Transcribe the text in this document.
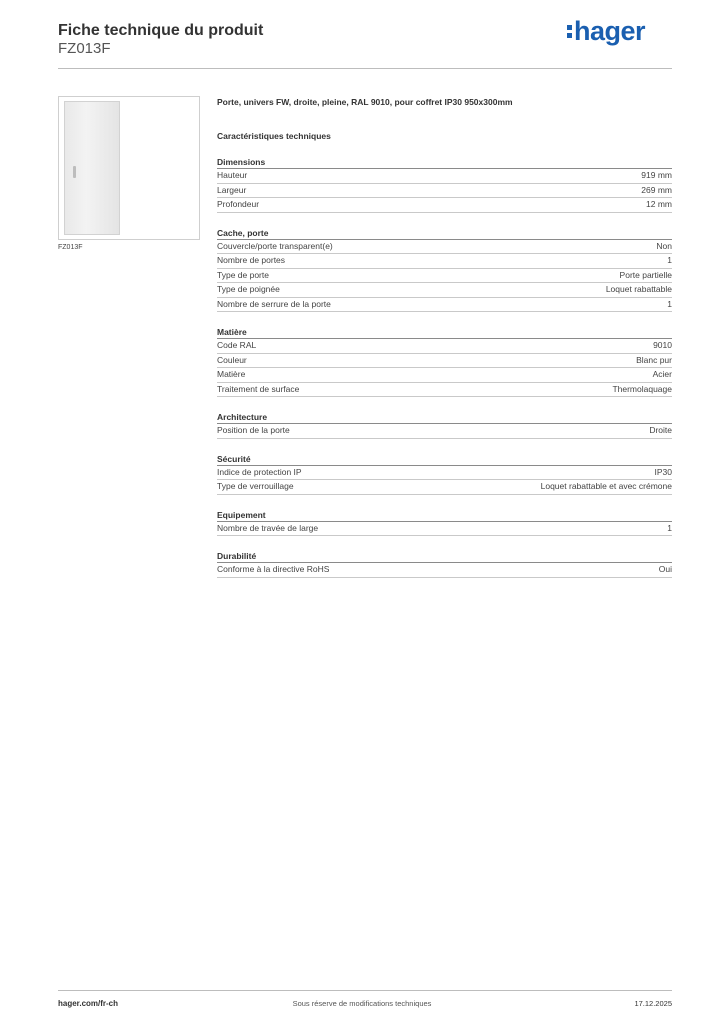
Fiche technique du produit
FZ013F
hager
FZ013F
Porte, univers FW, droite, pleine, RAL 9010, pour coffret IP30 950x300mm
Caractéristiques techniques
Dimensions
Hauteur	919 mm
Largeur	269 mm
Profondeur	12 mm
Cache, porte
Couvercle/porte transparent(e)	Non
Nombre de portes	1
Type de porte	Porte partielle
Type de poignée	Loquet rabattable
Nombre de serrure de la porte	1
Matière
Code RAL	9010
Couleur	Blanc pur
Matière	Acier
Traitement de surface	Thermolaquage
Architecture
Position de la porte	Droite
Sécurité
Indice de protection IP	IP30
Type de verrouillage	Loquet rabattable et avec crémone
Equipement
Nombre de travée de large	1
Durabilité
Conforme à la directive RoHS	Oui
hager.com/fr-ch	Sous réserve de modifications techniques	17.12.2025
